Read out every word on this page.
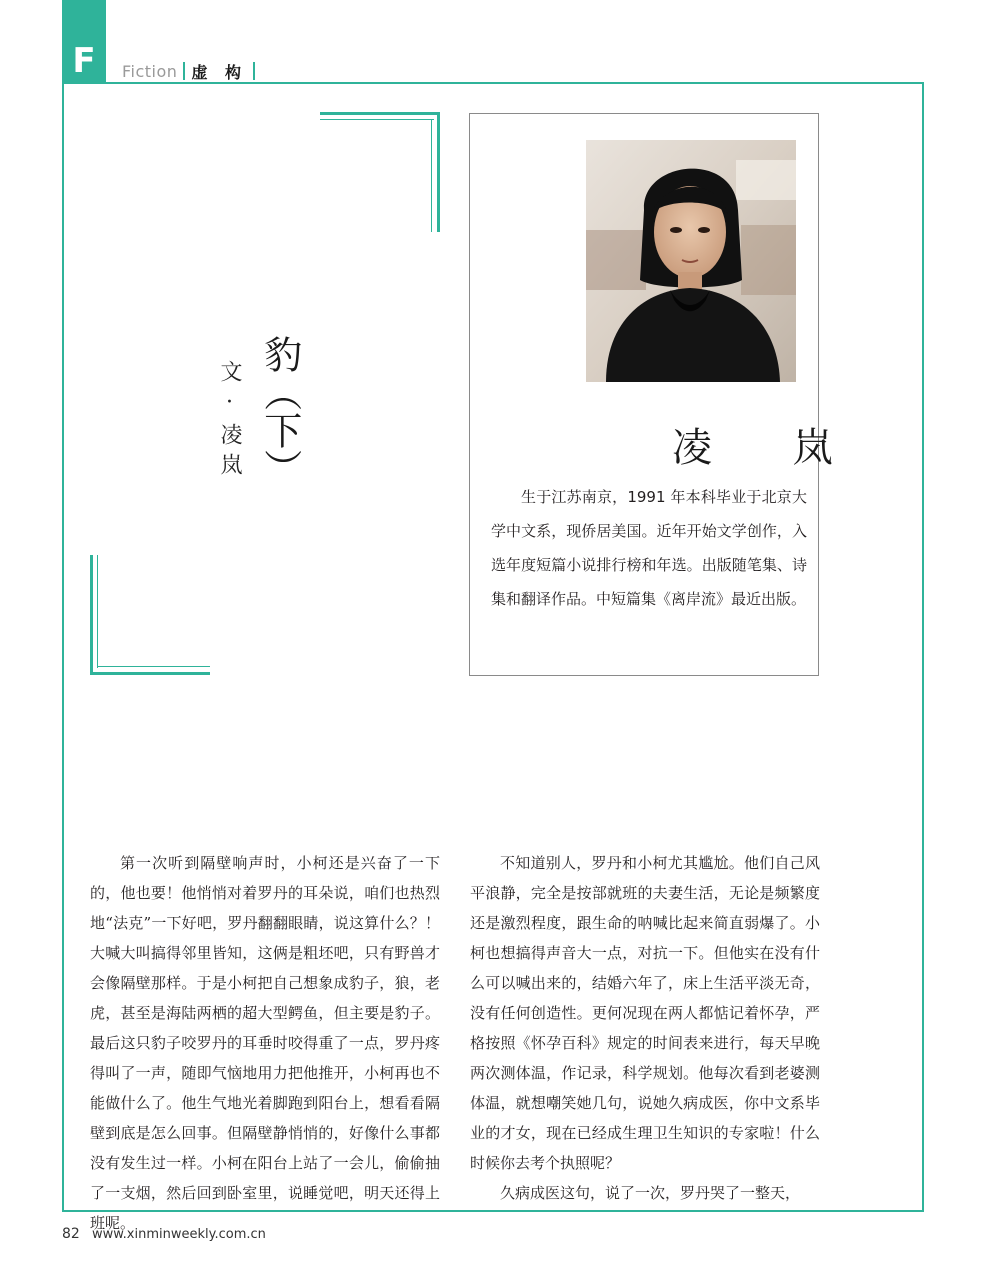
F Fiction 虚 构
豹（下）
文·凌岚	凌 岚

生于江苏南京，1991 年本科毕业于北京大学中文系，现侨居美国。近年开始文学创作，入选年度短篇小说排行榜和年选。出版随笔集、诗集和翻译作品。中短篇集《离岸流》最近出版。

第一次听到隔壁响声时，小柯还是兴奋了一下的，他也要！他悄悄对着罗丹的耳朵说，咱们也热烈地“法克”一下好吧，罗丹翻翻眼睛，说这算什么？！大喊大叫搞得邻里皆知，这俩是粗坯吧，只有野兽才会像隔壁那样。于是小柯把自己想象成豹子，狼，老虎，甚至是海陆两栖的超大型鳄鱼，但主要是豹子。最后这只豹子咬罗丹的耳垂时咬得重了一点，罗丹疼得叫了一声，随即气恼地用力把他推开，小柯再也不能做什么了。他生气地光着脚跑到阳台上，想看看隔壁到底是怎么回事。但隔壁静悄悄的，好像什么事都没有发生过一样。小柯在阳台上站了一会儿，偷偷抽了一支烟，然后回到卧室里，说睡觉吧，明天还得上班呢。

不知道别人，罗丹和小柯尤其尴尬。他们自己风平浪静，完全是按部就班的夫妻生活，无论是频繁度还是激烈程度，跟生命的呐喊比起来简直弱爆了。小柯也想搞得声音大一点，对抗一下。但他实在没有什么可以喊出来的，结婚六年了，床上生活平淡无奇，没有任何创造性。更何况现在两人都惦记着怀孕，严格按照《怀孕百科》规定的时间表来进行，每天早晚两次测体温，作记录，科学规划。他每次看到老婆测体温，就想嘲笑她几句，说她久病成医，你中文系毕业的才女，现在已经成生理卫生知识的专家啦！什么时候你去考个执照呢？

久病成医这句，说了一次，罗丹哭了一整天，

82 www.xinminweekly.com.cn
